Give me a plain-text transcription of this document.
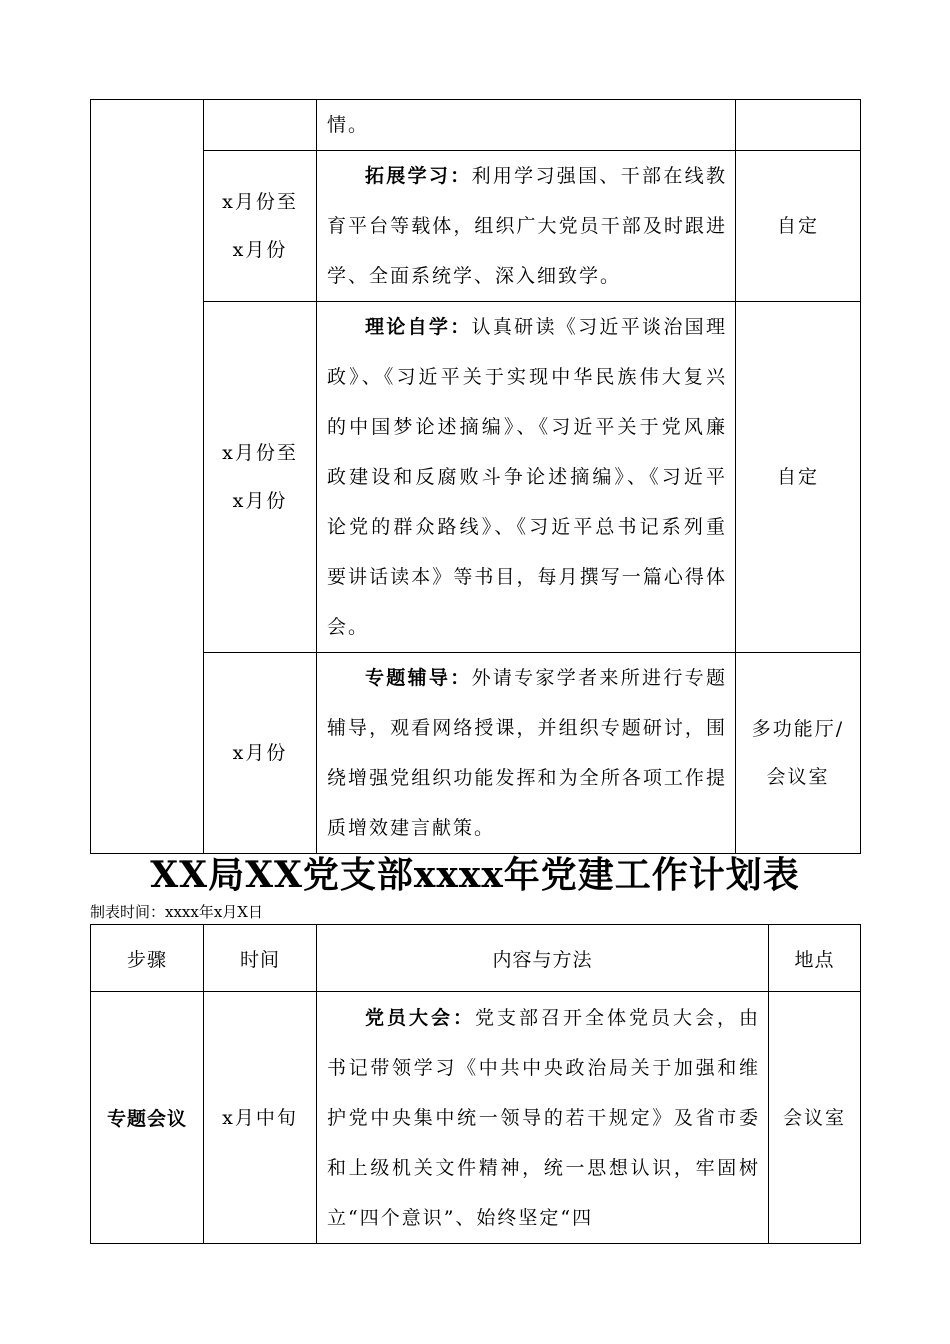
		情。	

	x月份至x月份	拓展学习：利用学习强国、干部在线教育平台等载体，组织广大党员干部及时跟进学、全面系统学、深入细致学。	自定

	x月份至x月份	理论自学：认真研读《习近平谈治国理政》、《习近平关于实现中华民族伟大复兴的中国梦论述摘编》、《习近平关于党风廉政建设和反腐败斗争论述摘编》、《习近平论党的群众路线》、《习近平总书记系列重要讲话读本》等书目，每月撰写一篇心得体会。	自定
	x月份	专题辅导：外请专家学者来所进行专题辅导，观看网络授课，并组织专题研讨，围绕增强党组织功能发挥和为全所各项工作提质增效建言献策。	多功能厅/会议室
XX局XX党支部xxxx年党建工作计划表
制表时间：xxxx年x月X日
步骤	时间	内容与方法	地点
专题会议	x月中旬	党员大会：党支部召开全体党员大会，由书记带领学习《中共中央政治局关于加强和维护党中央集中统一领导的若干规定》及省市委和上级机关文件精神，统一思想认识，牢固树立“四个意识”、始终坚定“四	会议室
